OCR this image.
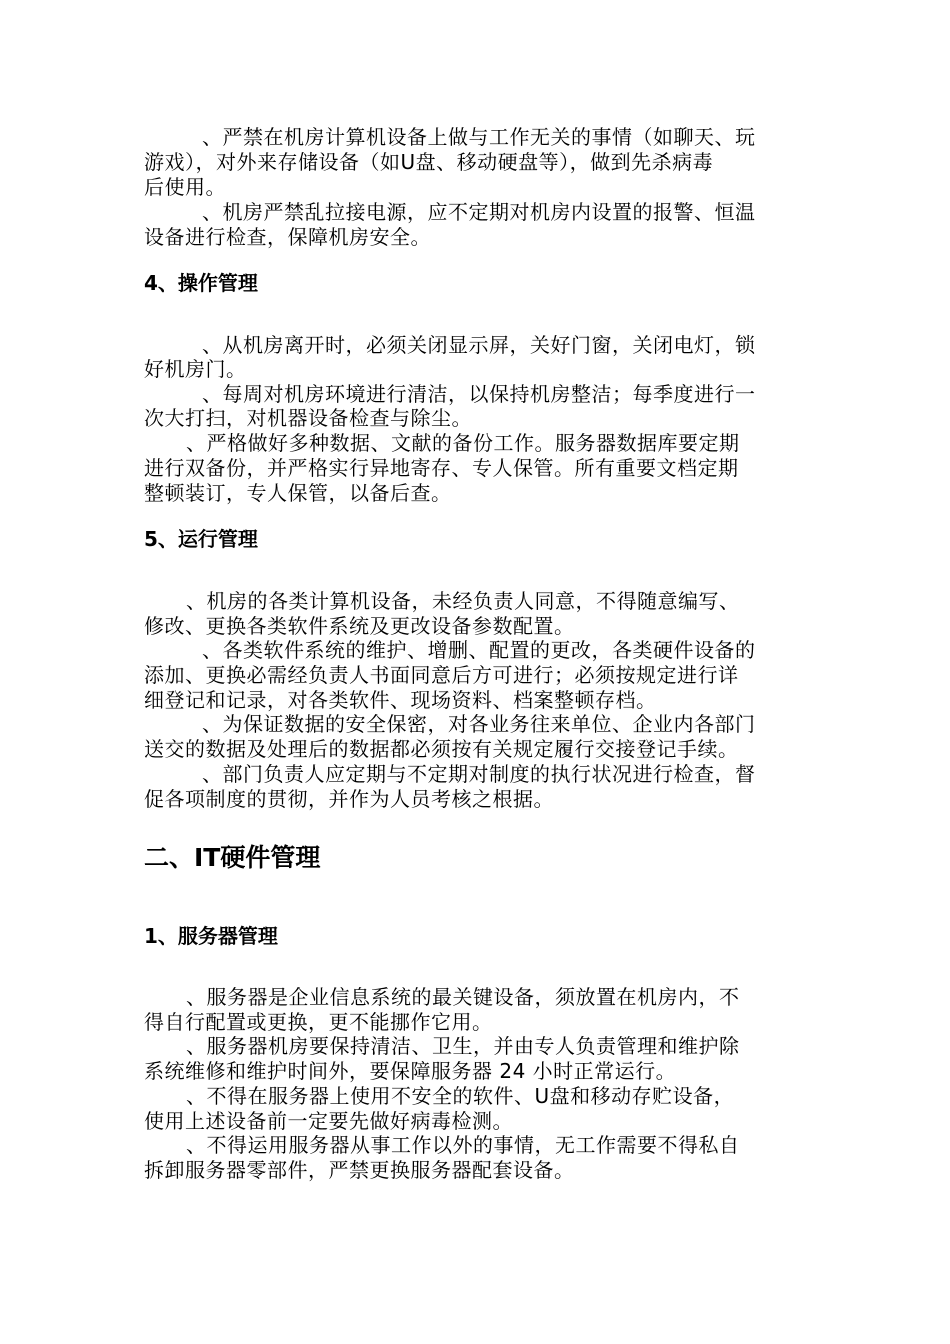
、严禁在机房计算机设备上做与工作无关的事情（如聊天、玩
游戏），对外来存储设备（如U盘、移动硬盘等），做到先杀病毒
后使用。
、机房严禁乱拉接电源，应不定期对机房内设置的报警、恒温
设备进行检查，保障机房安全。
4、操作管理
、从机房离开时，必须关闭显示屏，关好门窗，关闭电灯，锁
好机房门。
、每周对机房环境进行清洁，以保持机房整洁；每季度进行一
次大打扫，对机器设备检查与除尘。
、严格做好多种数据、文献的备份工作。服务器数据库要定期
进行双备份，并严格实行异地寄存、专人保管。所有重要文档定期
整顿装订，专人保管，以备后查。
5、运行管理
、机房的各类计算机设备，未经负责人同意，不得随意编写、
修改、更换各类软件系统及更改设备参数配置。
、各类软件系统的维护、增删、配置的更改，各类硬件设备的
添加、更换必需经负责人书面同意后方可进行；必须按规定进行详
细登记和记录，对各类软件、现场资料、档案整顿存档。
、为保证数据的安全保密，对各业务往来单位、企业内各部门
送交的数据及处理后的数据都必须按有关规定履行交接登记手续。
、部门负责人应定期与不定期对制度的执行状况进行检查，督
促各项制度的贯彻，并作为人员考核之根据。
二、IT硬件管理
1、服务器管理
、服务器是企业信息系统的最关键设备，须放置在机房内，不
得自行配置或更换，更不能挪作它用。
、服务器机房要保持清洁、卫生，并由专人负责管理和维护除
系统维修和维护时间外，要保障服务器 24 小时正常运行。
、不得在服务器上使用不安全的软件、U盘和移动存贮设备，
使用上述设备前一定要先做好病毒检测。
、不得运用服务器从事工作以外的事情，无工作需要不得私自
拆卸服务器零部件，严禁更换服务器配套设备。
